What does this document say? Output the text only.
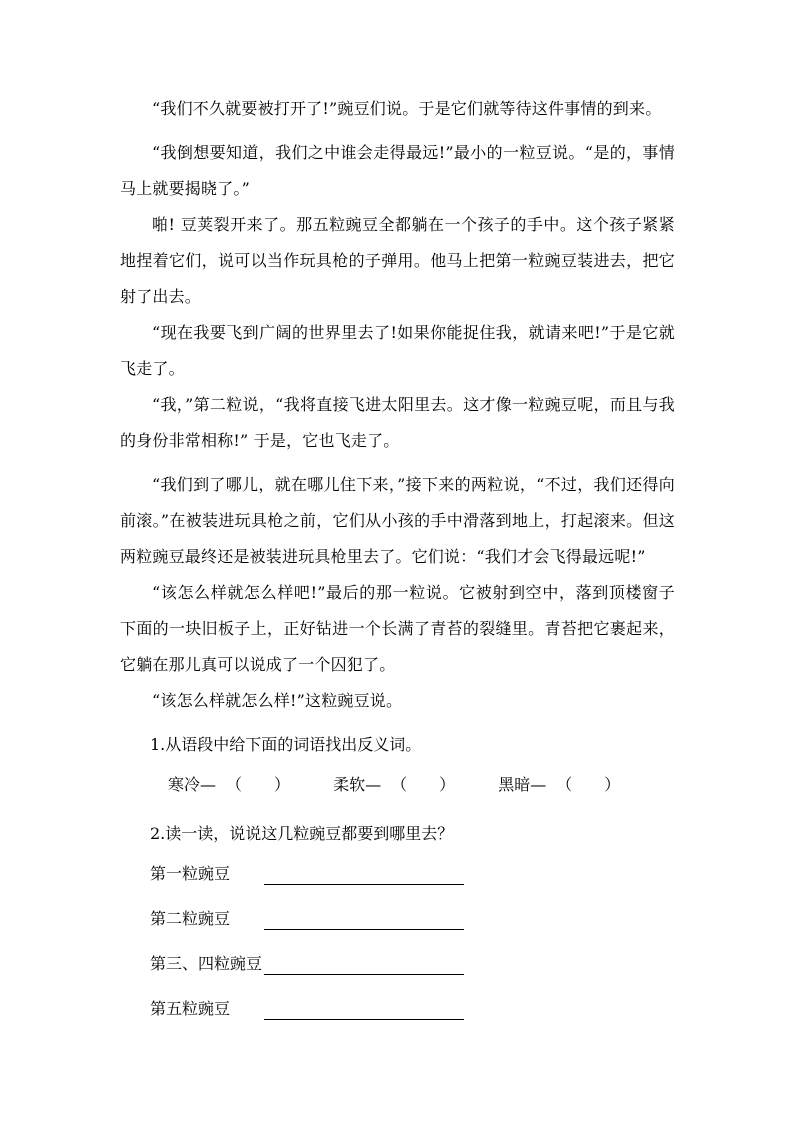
“我们不久就要被打开了!”豌豆们说。于是它们就等待这件事情的到来。

“我倒想要知道，我们之中谁会走得最远!”最小的一粒豆说。“是的，事情马上就要揭晓了。”

啪! 豆荚裂开来了。那五粒豌豆全都躺在一个孩子的手中。这个孩子紧紧地捏着它们，说可以当作玩具枪的子弹用。他马上把第一粒豌豆装进去，把它射了出去。

“现在我要飞到广阔的世界里去了!如果你能捉住我，就请来吧!”于是它就飞走了。

“我，”第二粒说，“我将直接飞进太阳里去。这才像一粒豌豆呢，而且与我的身份非常相称!” 于是，它也飞走了。

“我们到了哪儿，就在哪儿住下来，”接下来的两粒说，“不过，我们还得向前滚。”在被装进玩具枪之前，它们从小孩的手中滑落到地上，打起滚来。但这两粒豌豆最终还是被装进玩具枪里去了。它们说：“我们才会飞得最远呢!”

“该怎么样就怎么样吧!”最后的那一粒说。它被射到空中，落到顶楼窗子下面的一块旧板子上，正好钻进一个长满了青苔的裂缝里。青苔把它裹起来，它躺在那儿真可以说成了一个囚犯了。

“该怎么样就怎么样!”这粒豌豆说。

1.从语段中给下面的词语找出反义词。

寒冷— （　　）	柔软— （　　）	黑暗— （　　）

2.读一读，说说这几粒豌豆都要到哪里去？

第一粒豌豆
第二粒豌豆
第三、四粒豌豆
第五粒豌豆
